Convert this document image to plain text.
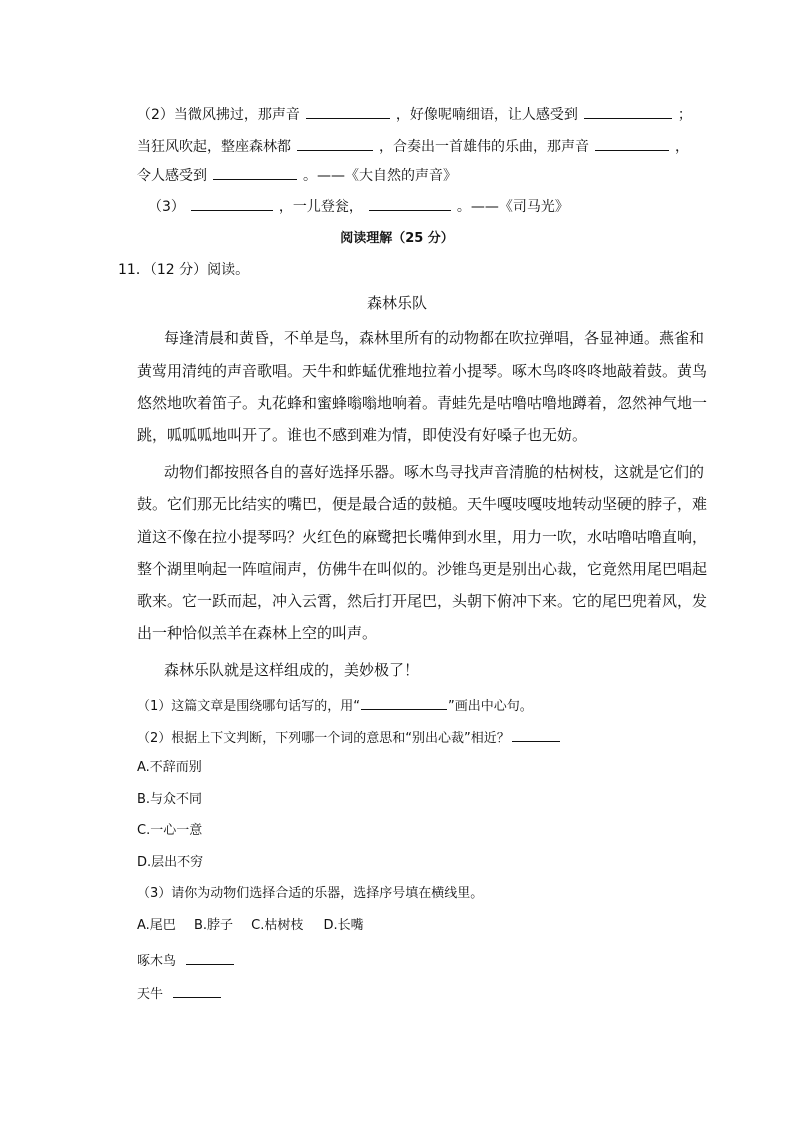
（2）当微风拂过，那声音	，好像呢喃细语，让人感受到	；
当狂风吹起，整座森林都	，合奏出一首雄伟的乐曲，那声音	，
令人感受到	。——《大自然的声音》
（3）	，一儿登瓮，	。——《司马光》
阅读理解（25 分）
11．（12 分）阅读。
森林乐队
每逢清晨和黄昏，不单是鸟，森林里所有的动物都在吹拉弹唱，各显神通。燕雀和
黄莺用清纯的声音歌唱。天牛和蚱蜢优雅地拉着小提琴。啄木鸟咚咚咚地敲着鼓。黄鸟
悠然地吹着笛子。丸花蜂和蜜蜂嗡嗡地响着。青蛙先是咕噜咕噜地蹲着，忽然神气地一
跳，呱呱呱地叫开了。谁也不感到难为情，即使没有好嗓子也无妨。
动物们都按照各自的喜好选择乐器。啄木鸟寻找声音清脆的枯树枝，这就是它们的
鼓。它们那无比结实的嘴巴，便是最合适的鼓槌。天牛嘎吱嘎吱地转动坚硬的脖子，难
道这不像在拉小提琴吗？火红色的麻鹭把长嘴伸到水里，用力一吹，水咕噜咕噜直响，
整个湖里响起一阵喧闹声，仿佛牛在叫似的。沙锥鸟更是别出心裁，它竟然用尾巴唱起
歌来。它一跃而起，冲入云霄，然后打开尾巴，头朝下俯冲下来。它的尾巴兜着风，发
出一种恰似羔羊在森林上空的叫声。
森林乐队就是这样组成的，美妙极了！
（1）这篇文章是围绕哪句话写的，用“	”画出中心句。
（2）根据上下文判断，下列哪一个词的意思和“别出心裁”相近？
A.不辞而别
B.与众不同
C.一心一意
D.层出不穷
（3）请你为动物们选择合适的乐器，选择序号填在横线里。
A.尾巴 B.脖子 C.枯树枝 D.长嘴
啄木鸟
天牛
